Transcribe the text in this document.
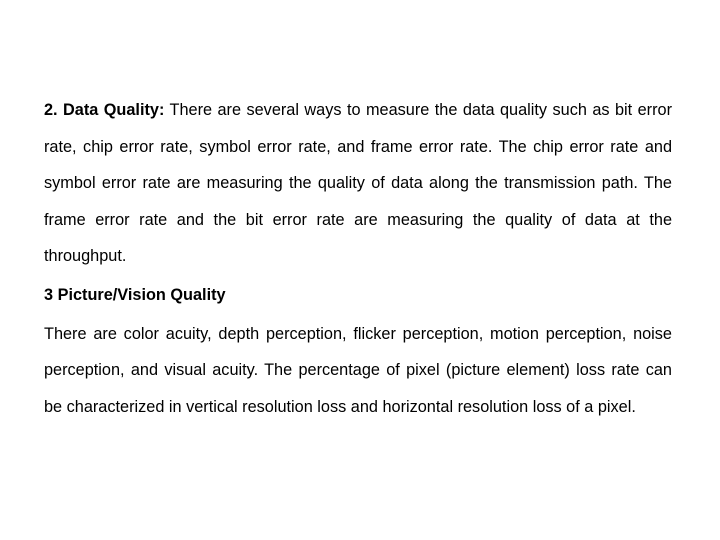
2. Data Quality: There are several ways to measure the data quality such as bit error rate, chip error rate, symbol error rate, and frame error rate. The chip error rate and symbol error rate are measuring the quality of data along the transmission path. The frame error rate and the bit error rate are measuring the quality of data at the throughput.

3 Picture/Vision Quality

There are color acuity, depth perception, flicker perception, motion perception, noise perception, and visual acuity. The percentage of pixel (picture element) loss rate can be characterized in vertical resolution loss and horizontal resolution loss of a pixel.
